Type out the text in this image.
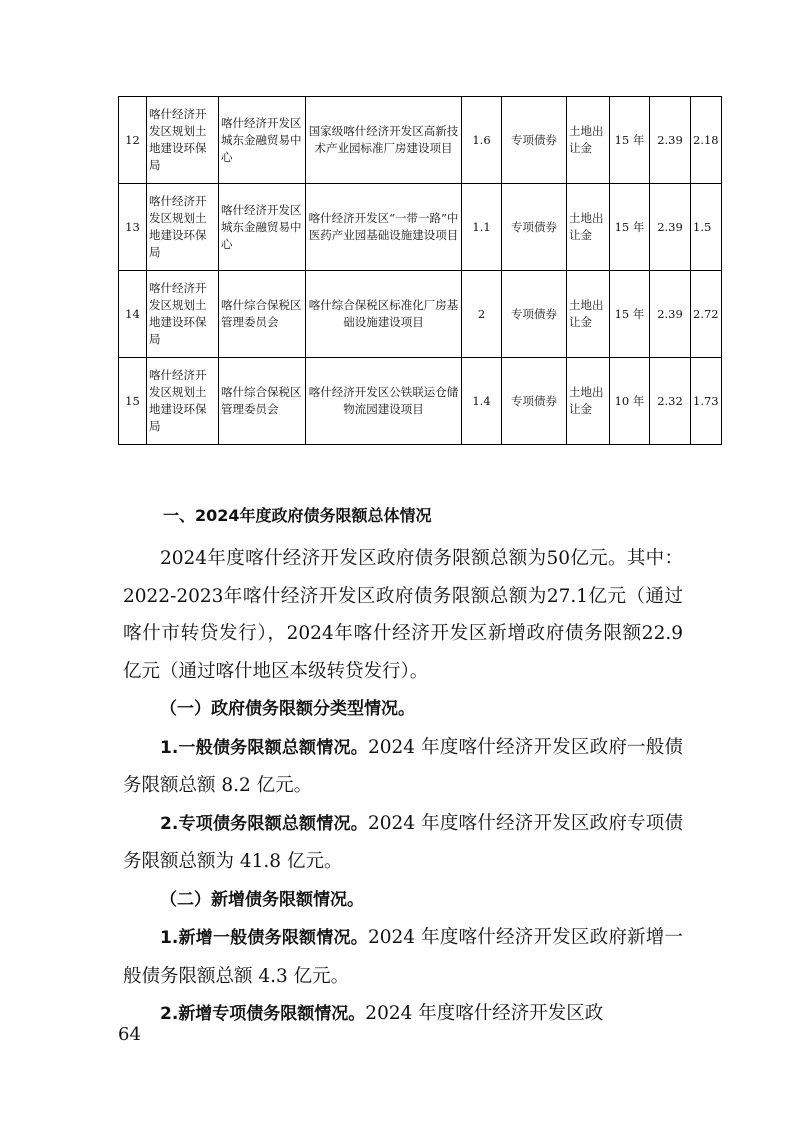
12	喀什经济开发区规划土地建设环保局	喀什经济开发区城东金融贸易中心	国家级喀什经济开发区高新技术产业园标准厂房建设项目	1.6	专项债券	土地出让金	15 年	2.39	2.18
13	喀什经济开发区规划土地建设环保局	喀什经济开发区城东金融贸易中心	喀什经济开发区“一带一路”中医药产业园基础设施建设项目	1.1	专项债券	土地出让金	15 年	2.39	1.5
14	喀什经济开发区规划土地建设环保局	喀什综合保税区管理委员会	喀什综合保税区标准化厂房基础设施建设项目	2	专项债券	土地出让金	15 年	2.39	2.72
15	喀什经济开发区规划土地建设环保局	喀什综合保税区管理委员会	喀什经济开发区公铁联运仓储物流园建设项目	1.4	专项债券	土地出让金	10 年	2.32	1.73
一、2024年度政府债务限额总体情况

2024年度喀什经济开发区政府债务限额总额为50亿元。其中：2022-2023年喀什经济开发区政府债务限额总额为27.1亿元（通过喀什市转贷发行），2024年喀什经济开发区新增政府债务限额22.9亿元（通过喀什地区本级转贷发行）。

（一）政府债务限额分类型情况。

1.一般债务限额总额情况。2024 年度喀什经济开发区政府一般债务限额总额 8.2 亿元。

2.专项债务限额总额情况。2024 年度喀什经济开发区政府专项债务限额总额为 41.8 亿元。

（二）新增债务限额情况。

1.新增一般债务限额情况。2024 年度喀什经济开发区政府新增一般债务限额总额 4.3 亿元。

2.新增专项债务限额情况。2024 年度喀什经济开发区政

64
